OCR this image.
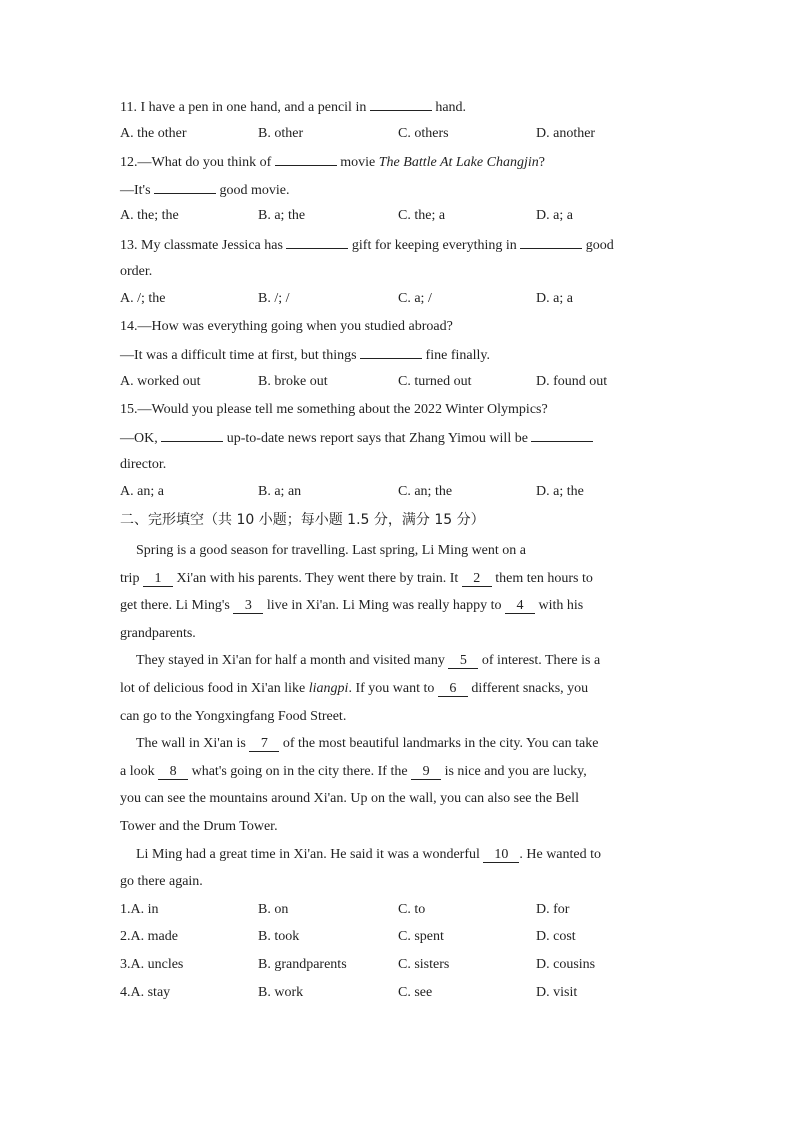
11. I have a pen in one hand, and a pencil in	hand.
A. the other	B. other	C. others	D. another
12.—What do you think of	movie The Battle At Lake Changjin?
—It's	good movie.
A. the; the	B. a; the	C. the; a	D. a; a
13. My classmate Jessica has	gift for keeping everything in	good
order.
A. /; the	B. /; /	C. a; /	D. a; a
14.—How was everything going when you studied abroad?
—It was a difficult time at first, but things	fine finally.
A. worked out	B. broke out	C. turned out	D. found out
15.—Would you please tell me something about the 2022 Winter Olympics?
—OK,	up-to-date news report says that Zhang Yimou will be
director.
A. an; a	B. a; an	C. an; the	D. a; the
二、完形填空（共 10 小题；每小题 1.5 分，满分 15 分）
Spring is a good season for travelling. Last spring, Li Ming went on a
trip 1 Xi'an with his parents. They went there by train. It 2 them ten hours to
get there. Li Ming's 3 live in Xi'an. Li Ming was really happy to 4 with his
grandparents.
They stayed in Xi'an for half a month and visited many 5 of interest. There is a
lot of delicious food in Xi'an like liangpi. If you want to 6 different snacks, you
can go to the Yongxingfang Food Street.
The wall in Xi'an is 7 of the most beautiful landmarks in the city. You can take
a look 8 what's going on in the city there. If the 9 is nice and you are lucky,
you can see the mountains around Xi'an. Up on the wall, you can also see the Bell
Tower and the Drum Tower.
Li Ming had a great time in Xi'an. He said it was a wonderful 10 . He wanted to
go there again.
1.A. in	B. on	C. to	D. for
2.A. made	B. took	C. spent	D. cost
3.A. uncles	B. grandparents	C. sisters	D. cousins
4.A. stay	B. work	C. see	D. visit
